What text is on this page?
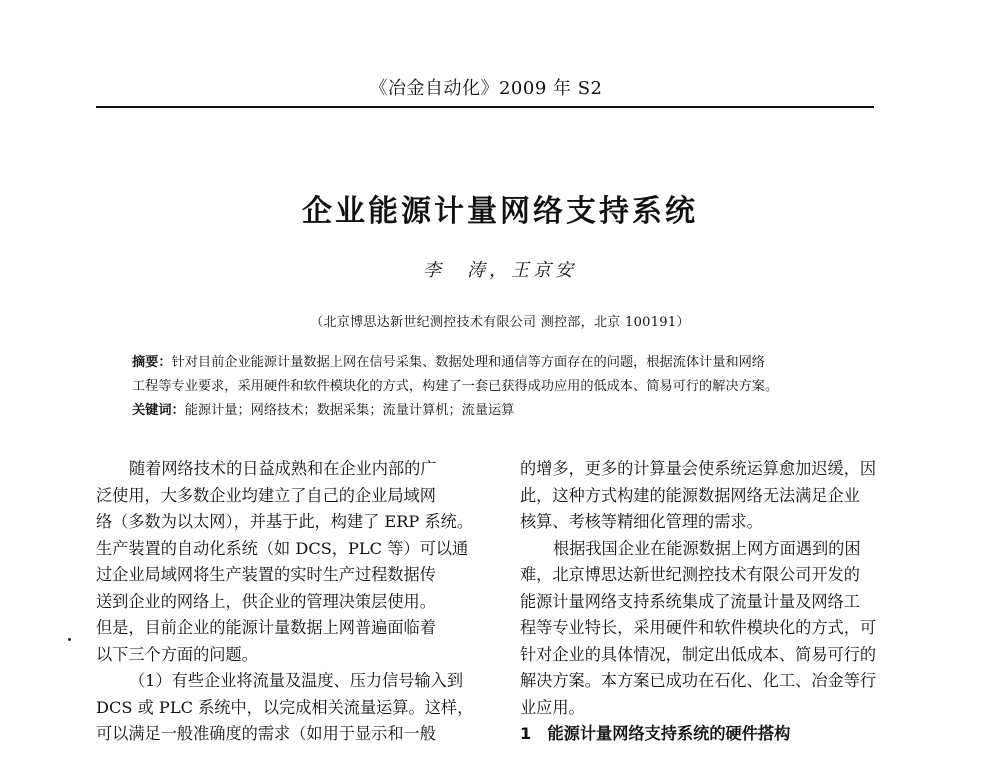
《冶金自动化》2009 年 S2
企业能源计量网络支持系统
李　涛，王京安
（北京博思达新世纪测控技术有限公司 测控部，北京 100191）
摘要：针对目前企业能源计量数据上网在信号采集、数据处理和通信等方面存在的问题，根据流体计量和网络
工程等专业要求，采用硬件和软件模块化的方式，构建了一套已获得成功应用的低成本、简易可行的解决方案。
关键词：能源计量；网络技术；数据采集；流量计算机；流量运算
随着网络技术的日益成熟和在企业内部的广
泛使用，大多数企业均建立了自己的企业局域网
络（多数为以太网），并基于此，构建了 ERP 系统。
生产装置的自动化系统（如 DCS，PLC 等）可以通
过企业局域网将生产装置的实时生产过程数据传
送到企业的网络上，供企业的管理决策层使用。
但是，目前企业的能源计量数据上网普遍面临着
以下三个方面的问题。
（1）有些企业将流量及温度、压力信号输入到
DCS 或 PLC 系统中，以完成相关流量运算。这样，
可以满足一般准确度的需求（如用于显示和一般
的增多，更多的计算量会使系统运算愈加迟缓，因
此，这种方式构建的能源数据网络无法满足企业
核算、考核等精细化管理的需求。
根据我国企业在能源数据上网方面遇到的困
难，北京博思达新世纪测控技术有限公司开发的
能源计量网络支持系统集成了流量计量及网络工
程等专业特长，采用硬件和软件模块化的方式，可
针对企业的具体情况，制定出低成本、简易可行的
解决方案。本方案已成功在石化、化工、冶金等行
业应用。
1　能源计量网络支持系统的硬件搭构
